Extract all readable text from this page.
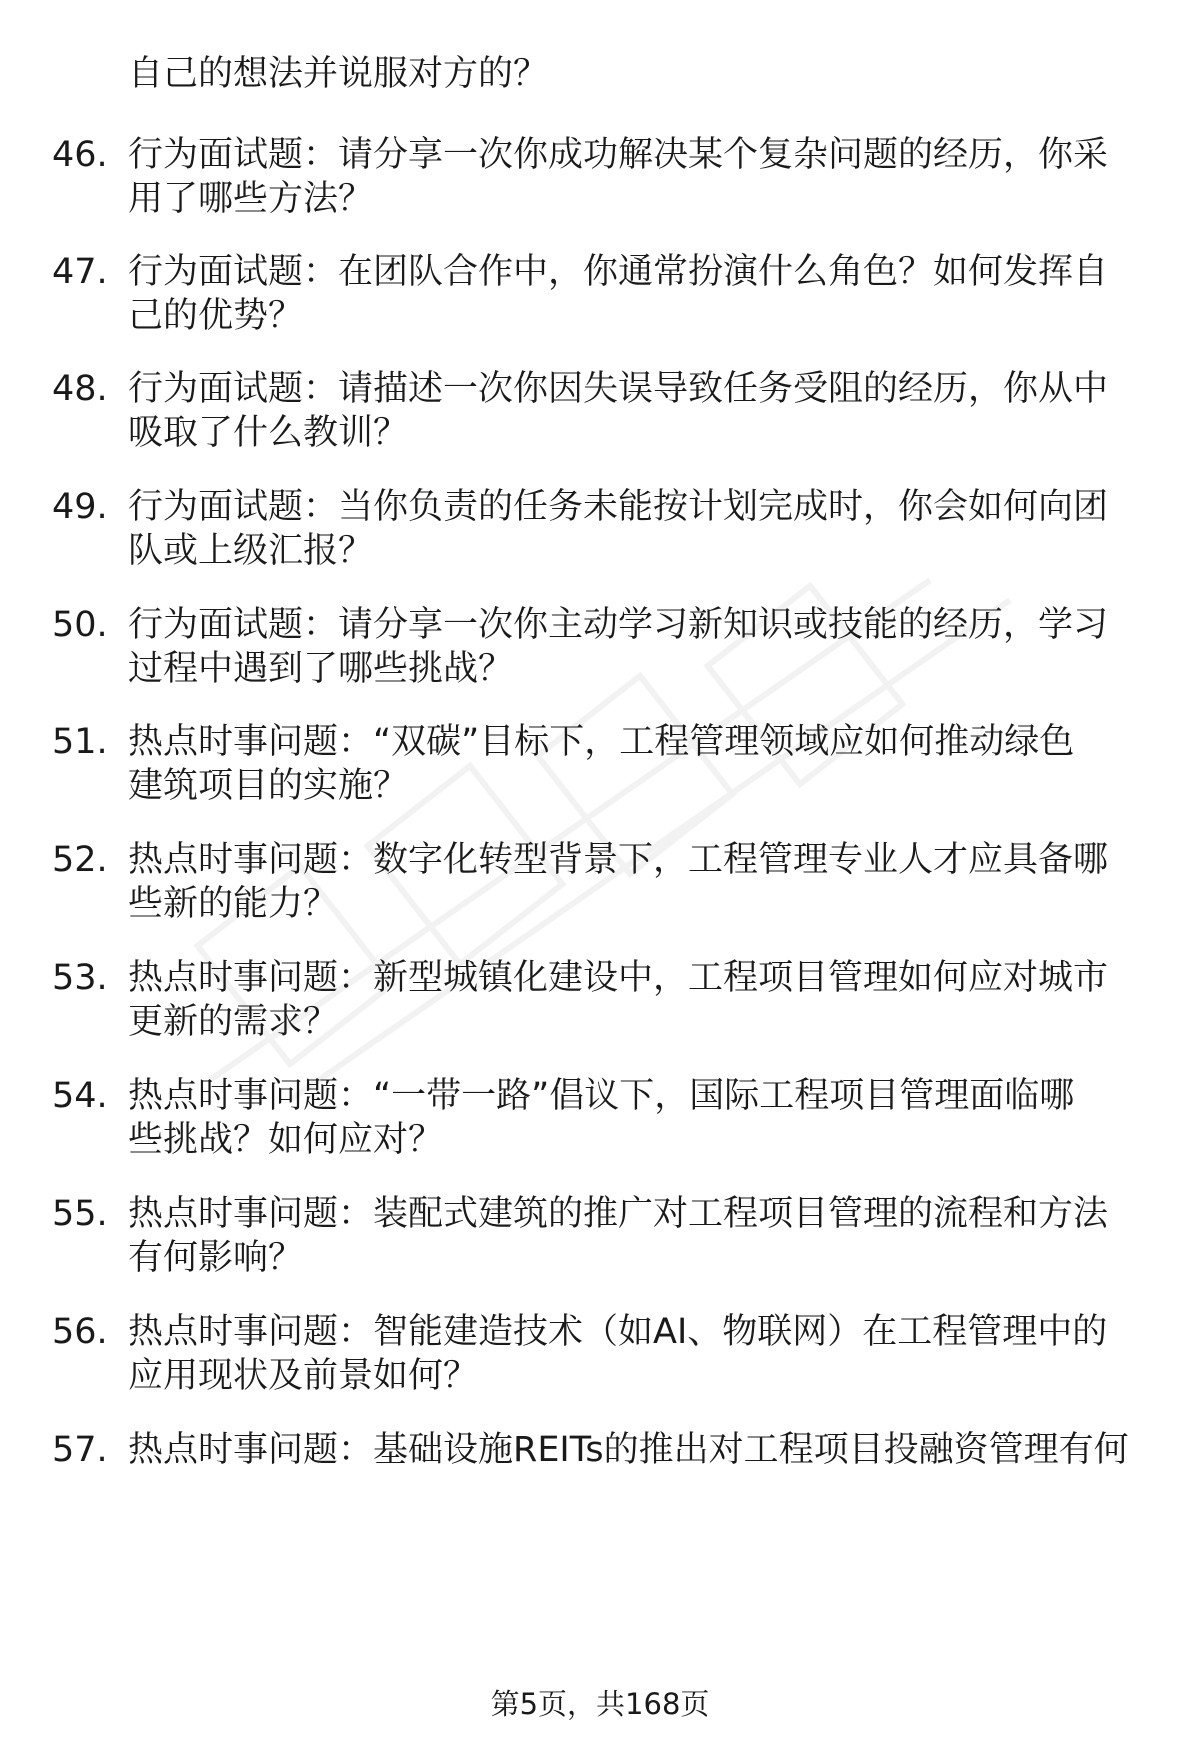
自己的想法并说服对方的？
46. 行为面试题：请分享一次你成功解决某个复杂问题的经历，你采
用了哪些方法？
47. 行为面试题：在团队合作中，你通常扮演什么角色？如何发挥自
己的优势？
48. 行为面试题：请描述一次你因失误导致任务受阻的经历，你从中
吸取了什么教训？
49. 行为面试题：当你负责的任务未能按计划完成时，你会如何向团
队或上级汇报？
50. 行为面试题：请分享一次你主动学习新知识或技能的经历，学习
过程中遇到了哪些挑战？
51. 热点时事问题：“双碳”目标下，工程管理领域应如何推动绿色
建筑项目的实施？
52. 热点时事问题：数字化转型背景下，工程管理专业人才应具备哪
些新的能力？
53. 热点时事问题：新型城镇化建设中，工程项目管理如何应对城市
更新的需求？
54. 热点时事问题：“一带一路”倡议下，国际工程项目管理面临哪
些挑战？如何应对？
55. 热点时事问题：装配式建筑的推广对工程项目管理的流程和方法
有何影响？
56. 热点时事问题：智能建造技术（如AI、物联网）在工程管理中的
应用现状及前景如何？
57. 热点时事问题：基础设施REITs的推出对工程项目投融资管理有何
第5页，共168页
